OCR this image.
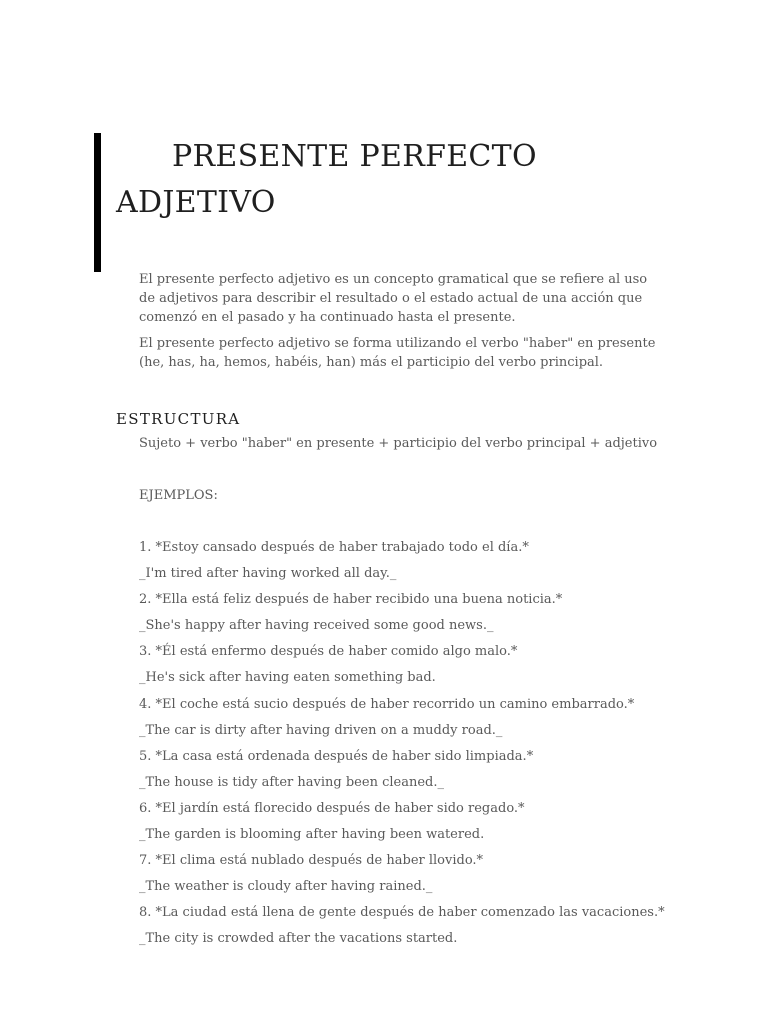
PRESENTE PERFECTO
ADJETIVO

El presente perfecto adjetivo es un concepto gramatical que se refiere al uso de adjetivos para describir el resultado o el estado actual de una acción que comenzó en el pasado y ha continuado hasta el presente.

El presente perfecto adjetivo se forma utilizando el verbo "haber" en presente (he, has, ha, hemos, habéis, han) más el participio del verbo principal.

ESTRUCTURA

Sujeto + verbo "haber" en presente + participio del verbo principal + adjetivo

EJEMPLOS:

1. *Estoy cansado después de haber trabajado todo el día.*
_I'm tired after having worked all day._
2. *Ella está feliz después de haber recibido una buena noticia.*
_She's happy after having received some good news._
3. *Él está enfermo después de haber comido algo malo.*
_He's sick after having eaten something bad.
4. *El coche está sucio después de haber recorrido un camino embarrado.*
_The car is dirty after having driven on a muddy road._
5. *La casa está ordenada después de haber sido limpiada.*
_The house is tidy after having been cleaned._
6. *El jardín está florecido después de haber sido regado.*
_The garden is blooming after having been watered.
7. *El clima está nublado después de haber llovido.*
_The weather is cloudy after having rained._
8. *La ciudad está llena de gente después de haber comenzado las vacaciones.*
_The city is crowded after the vacations started.
